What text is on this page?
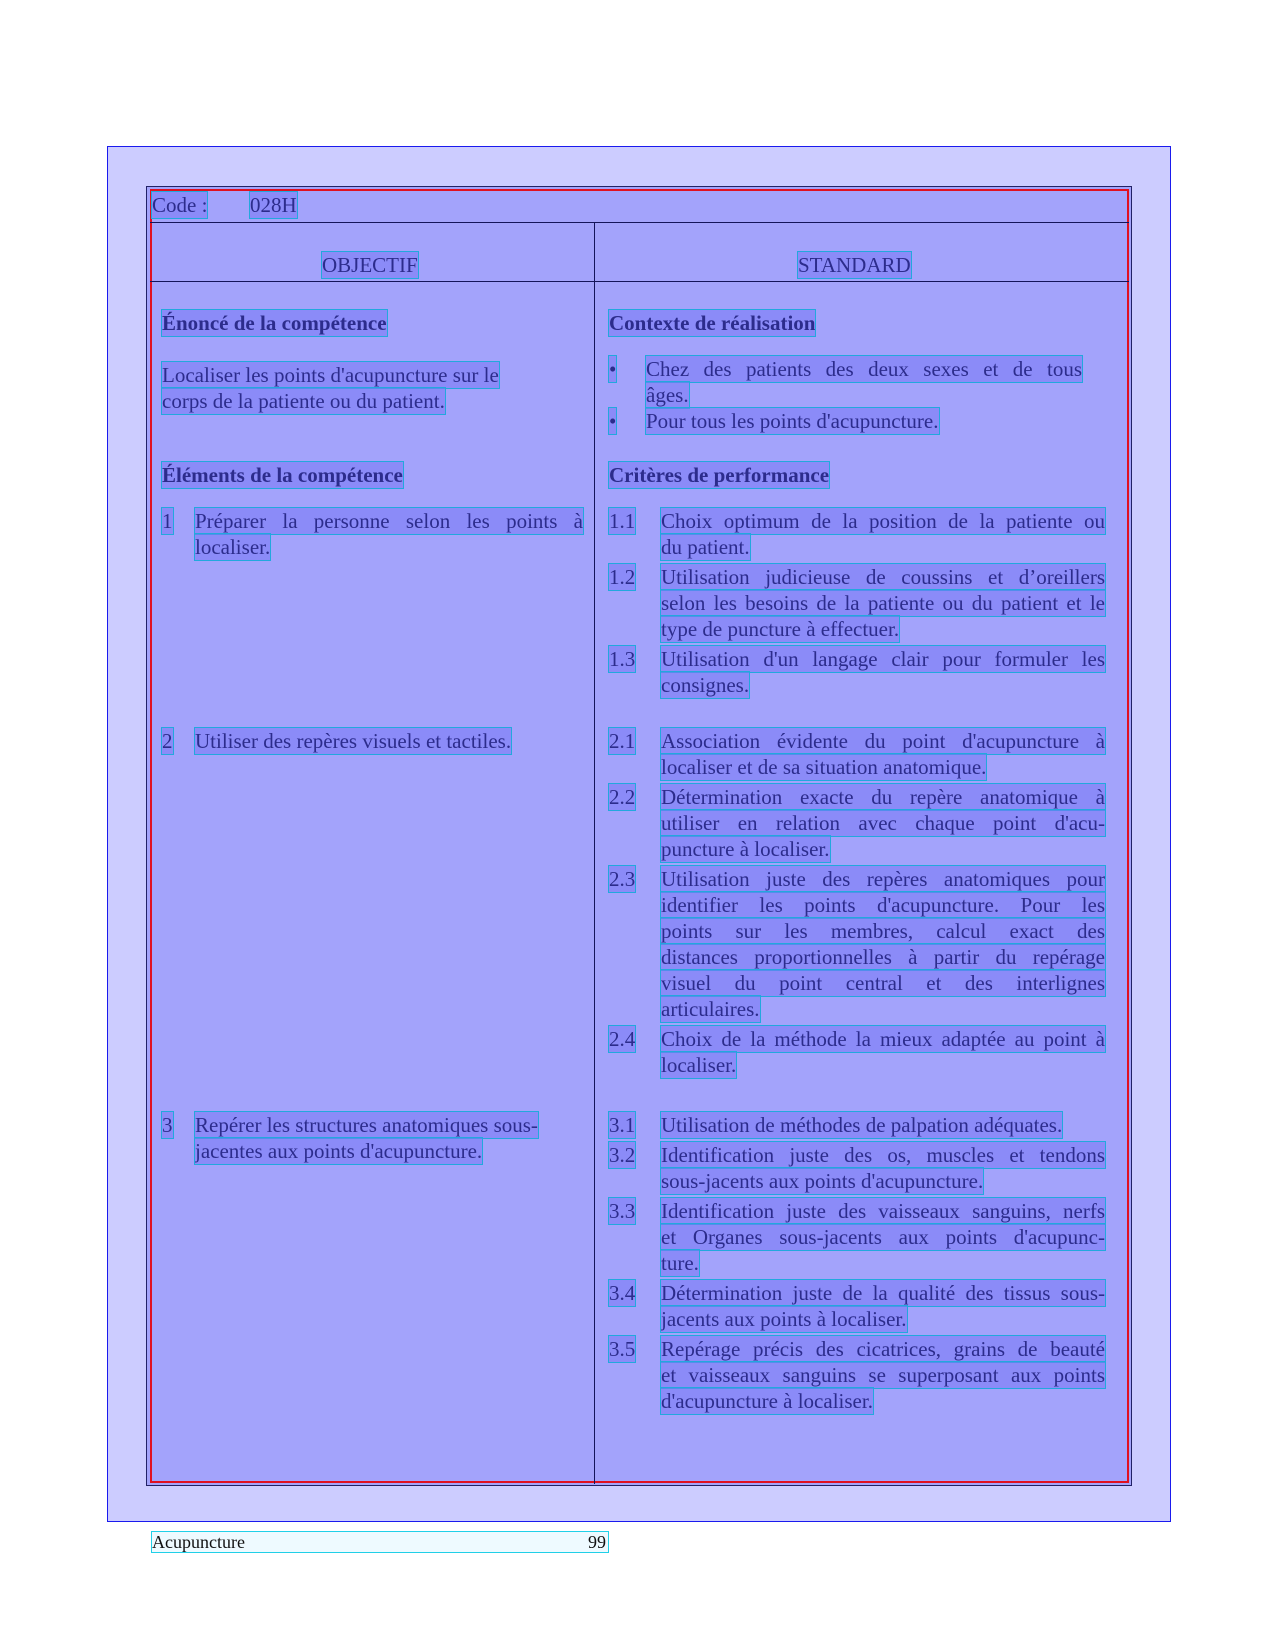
Code : 028H
OBJECTIF	STANDARD
Énoncé de la compétence
Localiser les points d'acupuncture sur le
corps de la patiente ou du patient.
Éléments de la compétence
1 Préparer la personne selon les points à
localiser.
2 Utiliser des repères visuels et tactiles.
3 Repérer les structures anatomiques sous-
jacentes aux points d'acupuncture.
Contexte de réalisation
• Chez des patients des deux sexes et de tous
âges.
• Pour tous les points d'acupuncture.
Critères de performance
1.1 Choix optimum de la position de la patiente ou
du patient.
1.2 Utilisation judicieuse de coussins et d’oreillers
selon les besoins de la patiente ou du patient et le
type de puncture à effectuer.
1.3 Utilisation d'un langage clair pour formuler les
consignes.
2.1 Association évidente du point d'acupuncture à
localiser et de sa situation anatomique.
2.2 Détermination exacte du repère anatomique à
utiliser en relation avec chaque point d'acu-
puncture à localiser.
2.3 Utilisation juste des repères anatomiques pour
identifier les points d'acupuncture. Pour les
points sur les membres, calcul exact des
distances proportionnelles à partir du repérage
visuel du point central et des interlignes
articulaires.
2.4 Choix de la méthode la mieux adaptée au point à
localiser.
3.1 Utilisation de méthodes de palpation adéquates.
3.2 Identification juste des os, muscles et tendons
sous-jacents aux points d'acupuncture.
3.3 Identification juste des vaisseaux sanguins, nerfs
et Organes sous-jacents aux points d'acupunc-
ture.
3.4 Détermination juste de la qualité des tissus sous-
jacents aux points à localiser.
3.5 Repérage précis des cicatrices, grains de beauté
et vaisseaux sanguins se superposant aux points
d'acupuncture à localiser.
Acupuncture	99
